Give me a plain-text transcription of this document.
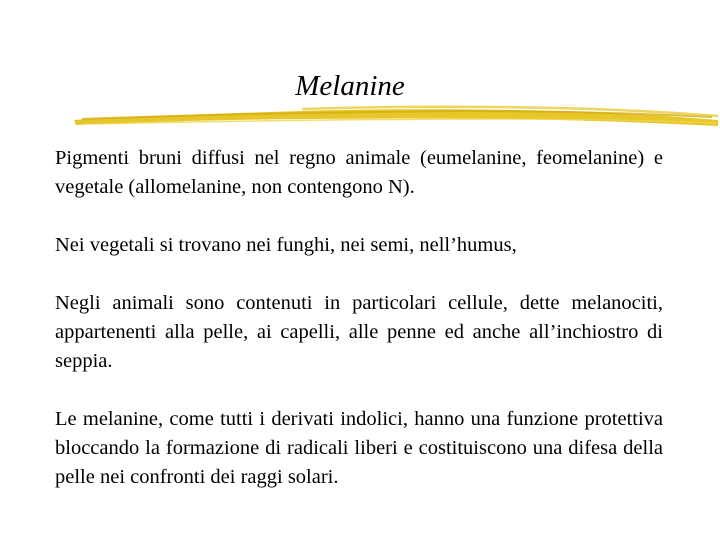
Melanine

Pigmenti bruni diffusi nel regno animale (eumelanine, feomelanine) e vegetale (allomelanine, non contengono N).

Nei vegetali si trovano nei funghi, nei semi, nell’humus,

Negli animali sono contenuti in particolari cellule, dette melanociti, appartenenti alla pelle, ai capelli, alle penne ed anche all’inchiostro di seppia.

Le melanine, come tutti i derivati indolici, hanno una funzione protettiva bloccando la formazione di radicali liberi e costituiscono una difesa della pelle nei confronti dei raggi solari.
